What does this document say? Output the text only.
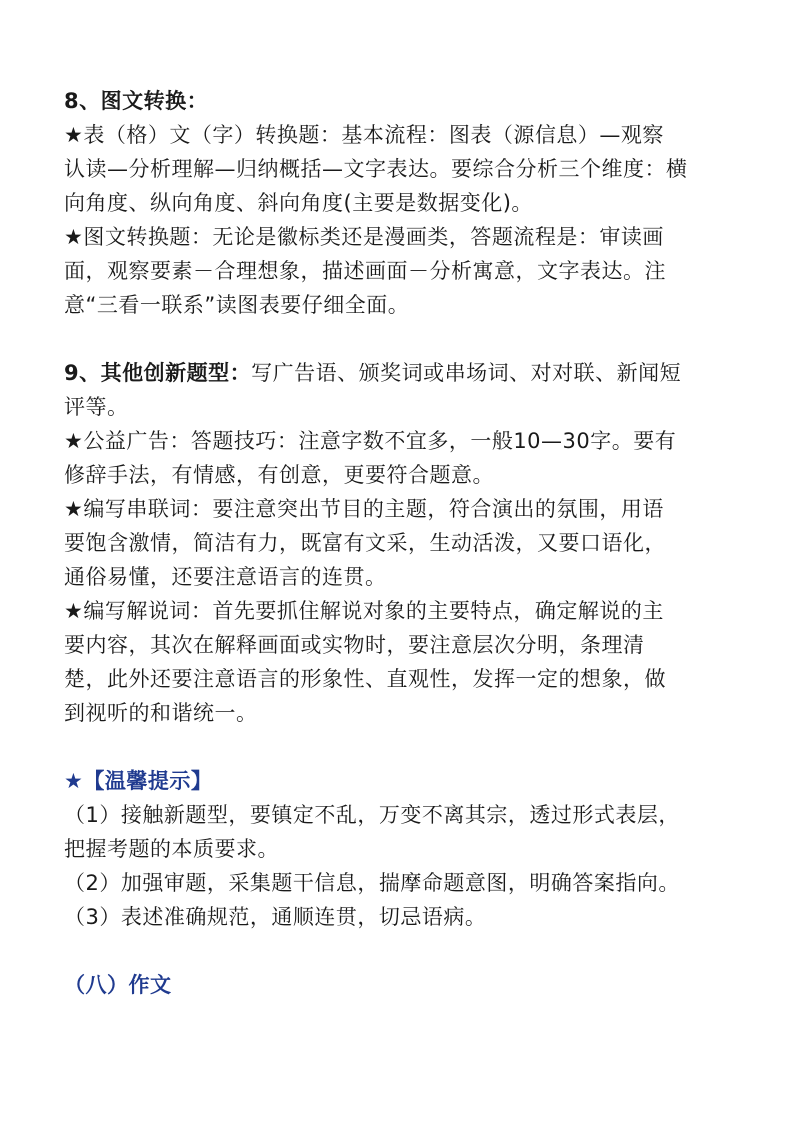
8、图文转换：

★表（格）文（字）转换题：基本流程：图表（源信息）—观察

认读—分析理解—归纳概括—文字表达。要综合分析三个维度：横

向角度、纵向角度、斜向角度(主要是数据变化)。

★图文转换题：无论是徽标类还是漫画类，答题流程是：审读画

面，观察要素－合理想象，描述画面－分析寓意，文字表达。注

意“三看一联系”读图表要仔细全面。

9、其他创新题型：写广告语、颁奖词或串场词、对对联、新闻短

评等。

★公益广告：答题技巧：注意字数不宜多，一般10—30字。要有

修辞手法，有情感，有创意，更要符合题意。

★编写串联词：要注意突出节目的主题，符合演出的氛围，用语

要饱含激情，简洁有力，既富有文采，生动活泼，又要口语化，

通俗易懂，还要注意语言的连贯。

★编写解说词：首先要抓住解说对象的主要特点，确定解说的主

要内容，其次在解释画面或实物时，要注意层次分明，条理清

楚，此外还要注意语言的形象性、直观性，发挥一定的想象，做

到视听的和谐统一。

★【温馨提示】

（1）接触新题型，要镇定不乱，万变不离其宗，透过形式表层，

把握考题的本质要求。

（2）加强审题，采集题干信息，揣摩命题意图，明确答案指向。

（3）表述准确规范，通顺连贯，切忌语病。

（八）作文
